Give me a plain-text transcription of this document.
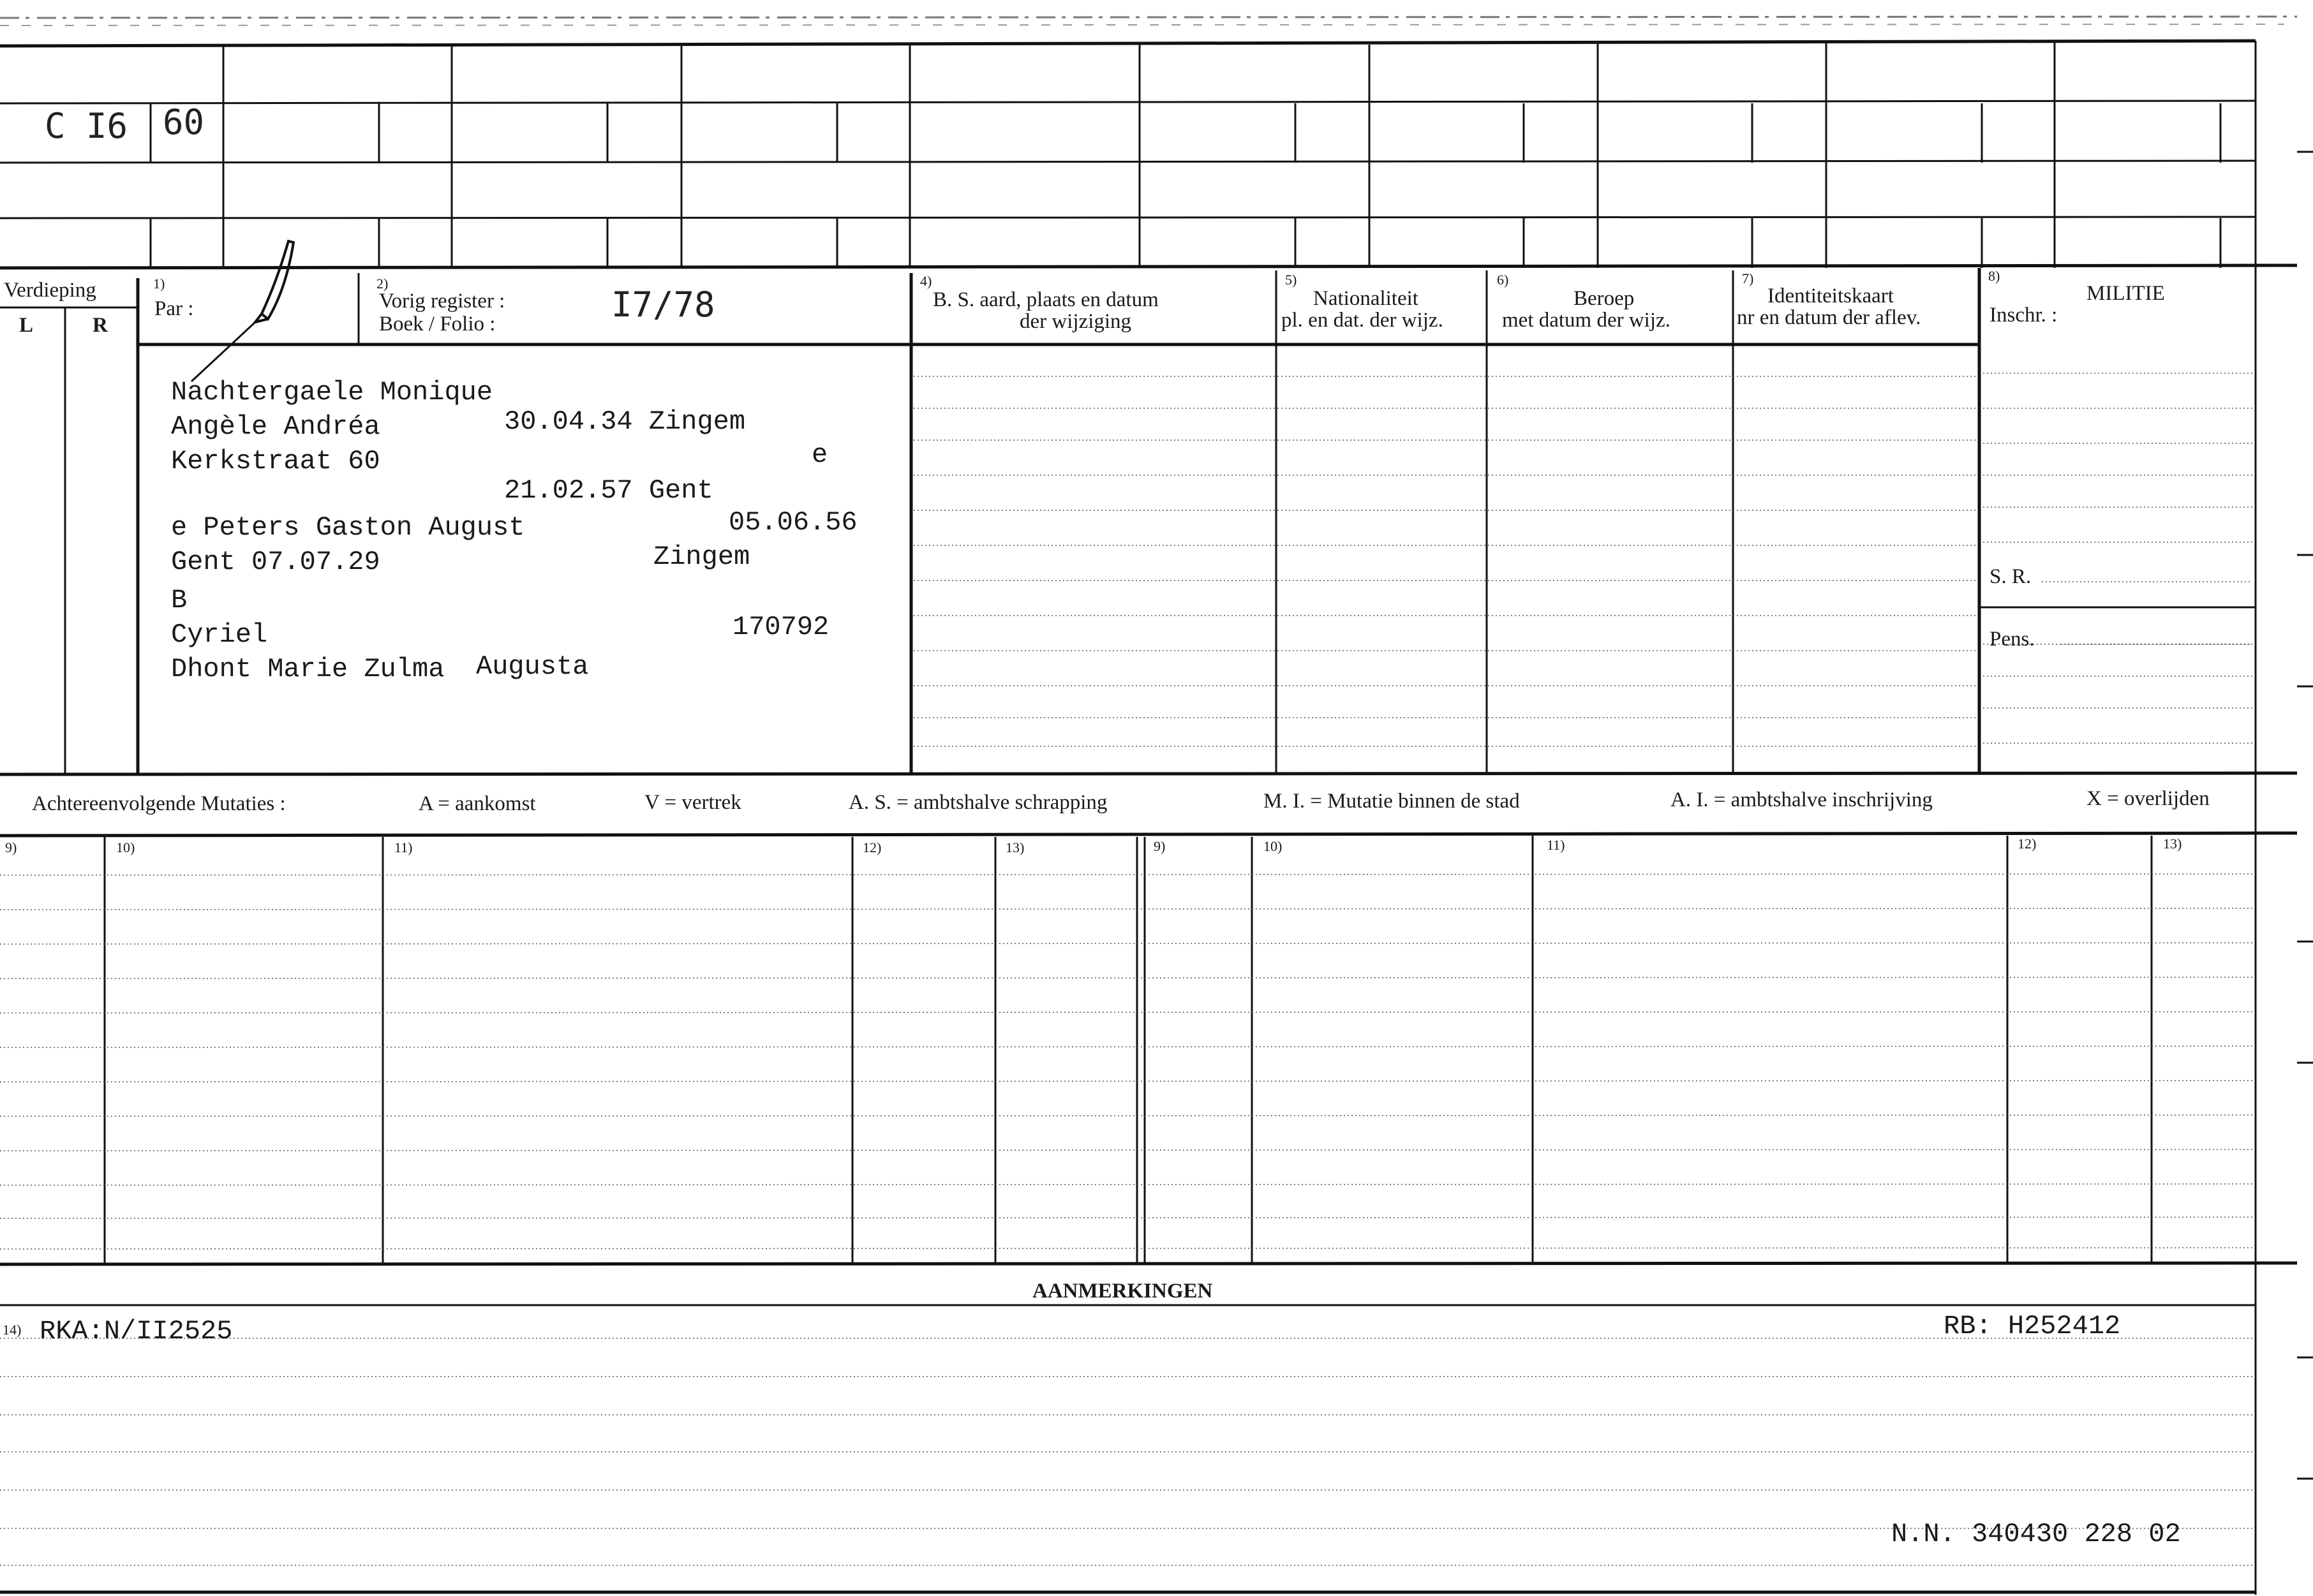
C I6 60
Verdieping
L	R
1)
Par :
2)
Vorig register :
Boek / Folio :	I7/78
4)
B. S. aard, plaats en datum
der wijziging
5)
Nationaliteit
pl. en dat. der wijz.
6)
Beroep
met datum der wijz.
7)
Identiteitskaart
nr en datum der aflev.
8)
MILITIE
Inschr. :
S. R.
Pens.
Nachtergaele Monique
Angèle Andréa	30.04.34 Zingem
Kerkstraat 60	e
21.02.57 Gent
e Peters Gaston August	05.06.56
Gent 07.07.29	Zingem
B
Cyriel	170792
Dhont Marie Zulma Augusta
Achtereenvolgende Mutaties :	A = aankomst	V = vertrek	A. S. = ambtshalve schrapping	M. I. = Mutatie binnen de stad	A. I. = ambtshalve inschrijving	X = overlijden
9)	10)	11)	12)	13)	9)	10)	11)	12)	13)
AANMERKINGEN
14) RKA:N/II2525	RB: H252412
N.N. 340430 228 02
